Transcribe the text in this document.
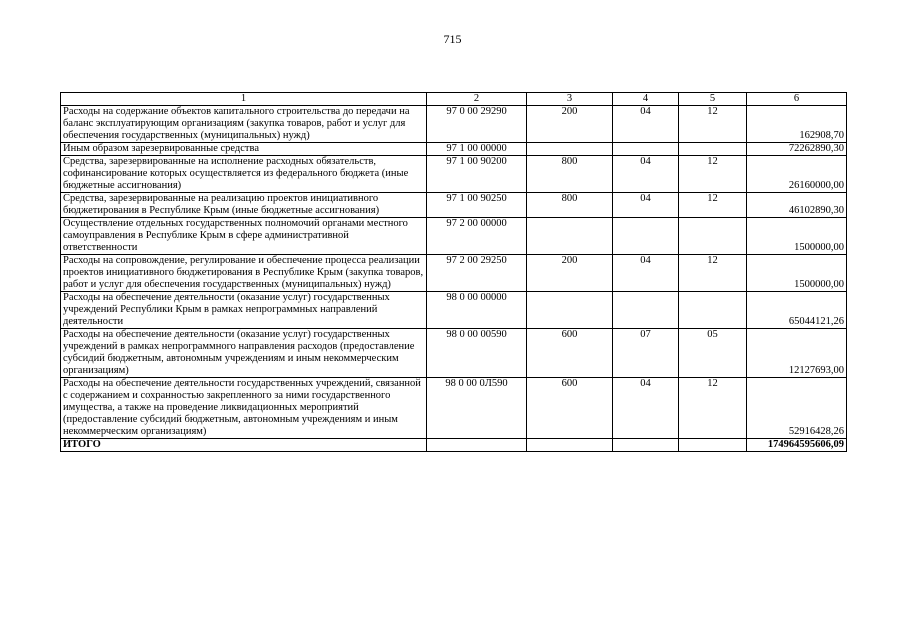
715
1	2	3	4	5	6
Расходы на содержание объектов капитального строительства до передачи на баланс эксплуатирующим организациям (закупка товаров, работ и услуг для обеспечения государственных (муниципальных) нужд)	97 0 00 29290	200	04	12	162908,70
Иным образом зарезервированные средства	97 1 00 00000				72262890,30
Средства, зарезервированные на исполнение расходных обязательств, софинансирование которых осуществляется из федерального бюджета (иные бюджетные ассигнования)	97 1 00 90200	800	04	12	26160000,00
Средства, зарезервированные на реализацию проектов инициативного бюджетирования в Республике Крым (иные бюджетные ассигнования)	97 1 00 90250	800	04	12	46102890,30
Осуществление отдельных государственных полномочий органами местного самоуправления в Республике Крым в сфере административной ответственности	97 2 00 00000				1500000,00
Расходы на сопровождение, регулирование и обеспечение процесса реализации проектов инициативного бюджетирования в Республике Крым (закупка товаров, работ и услуг для обеспечения государственных (муниципальных) нужд)	97 2 00 29250	200	04	12	1500000,00
Расходы на обеспечение деятельности (оказание услуг) государственных учреждений Республики Крым в рамках непрограммных направлений деятельности	98 0 00 00000				65044121,26
Расходы на обеспечение деятельности (оказание услуг) государственных учреждений в рамках непрограммного направления расходов (предоставление субсидий бюджетным, автономным учреждениям и иным некоммерческим организациям)	98 0 00 00590	600	07	05	12127693,00
Расходы на обеспечение деятельности государственных учреждений, связанной с содержанием и сохранностью закрепленного за ними государственного имущества, а также на проведение ликвидационных мероприятий (предоставление субсидий бюджетным, автономным учреждениям и иным некоммерческим организациям)	98 0 00 0Л590	600	04	12	52916428,26
ИТОГО					174964595606,09
